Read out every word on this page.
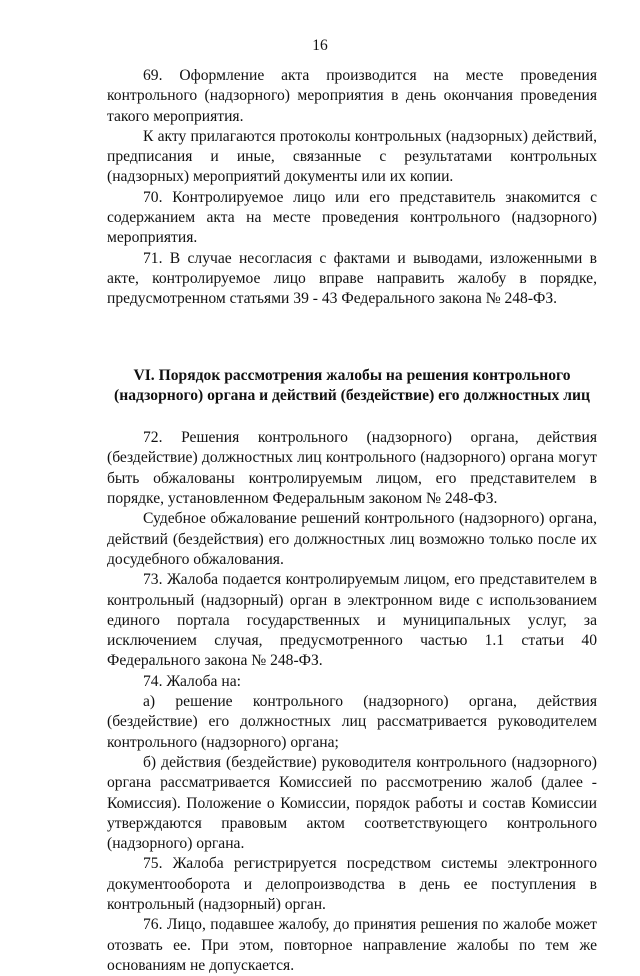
16

69. Оформление акта производится на месте проведения контрольного (надзорного) мероприятия в день окончания проведения такого мероприятия.

К акту прилагаются протоколы контрольных (надзорных) действий, предписания и иные, связанные с результатами контрольных (надзорных) мероприятий документы или их копии.

70. Контролируемое лицо или его представитель знакомится с содержанием акта на месте проведения контрольного (надзорного) мероприятия.

71. В случае несогласия с фактами и выводами, изложенными в акте, контролируемое лицо вправе направить жалобу в порядке, предусмотренном статьями 39 - 43 Федерального закона № 248-ФЗ.

VI. Порядок рассмотрения жалобы на решения контрольного
(надзорного) органа и действий (бездействие) его должностных лиц

72. Решения контрольного (надзорного) органа, действия (бездействие) должностных лиц контрольного (надзорного) органа могут быть обжалованы контролируемым лицом, его представителем в порядке, установленном Федеральным законом № 248-ФЗ.

Судебное обжалование решений контрольного (надзорного) органа, действий (бездействия) его должностных лиц возможно только после их досудебного обжалования.

73. Жалоба подается контролируемым лицом, его представителем в контрольный (надзорный) орган в электронном виде с использованием единого портала государственных и муниципальных услуг, за исключением случая, предусмотренного частью 1.1 статьи 40 Федерального закона № 248-ФЗ.

74. Жалоба на:

а) решение контрольного (надзорного) органа, действия (бездействие) его должностных лиц рассматривается руководителем контрольного (надзорного) органа;

б) действия (бездействие) руководителя контрольного (надзорного) органа рассматривается Комиссией по рассмотрению жалоб (далее - Комиссия). Положение о Комиссии, порядок работы и состав Комиссии утверждаются правовым актом соответствующего контрольного (надзорного) органа.

75. Жалоба регистрируется посредством системы электронного документооборота и делопроизводства в день ее поступления в контрольный (надзорный) орган.

76. Лицо, подавшее жалобу, до принятия решения по жалобе может отозвать ее. При этом, повторное направление жалобы по тем же основаниям не допускается.
